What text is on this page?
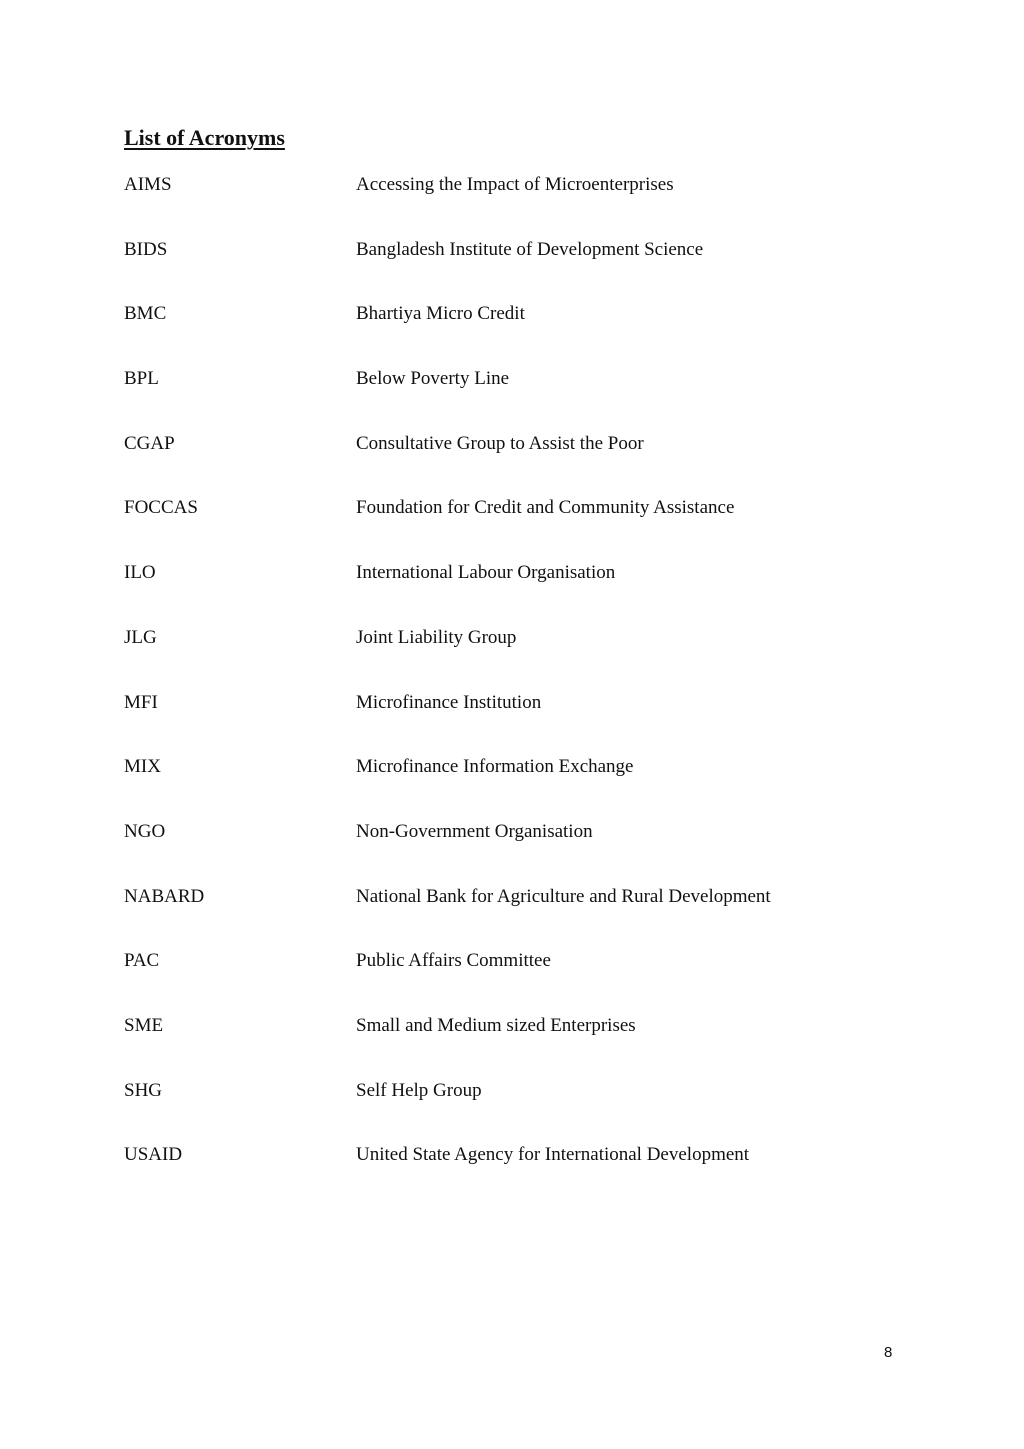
List of Acronyms
AIMS	Accessing the Impact of Microenterprises
BIDS	Bangladesh Institute of Development Science
BMC	Bhartiya Micro Credit
BPL	Below Poverty Line
CGAP	Consultative Group to Assist the Poor
FOCCAS	Foundation for Credit and Community Assistance
ILO	International Labour Organisation
JLG	Joint Liability Group
MFI	Microfinance Institution
MIX	Microfinance Information Exchange
NGO	Non-Government Organisation
NABARD	National Bank for Agriculture and Rural Development
PAC	Public Affairs Committee
SME	Small and Medium sized Enterprises
SHG	Self Help Group
USAID	United State Agency for International Development
8
